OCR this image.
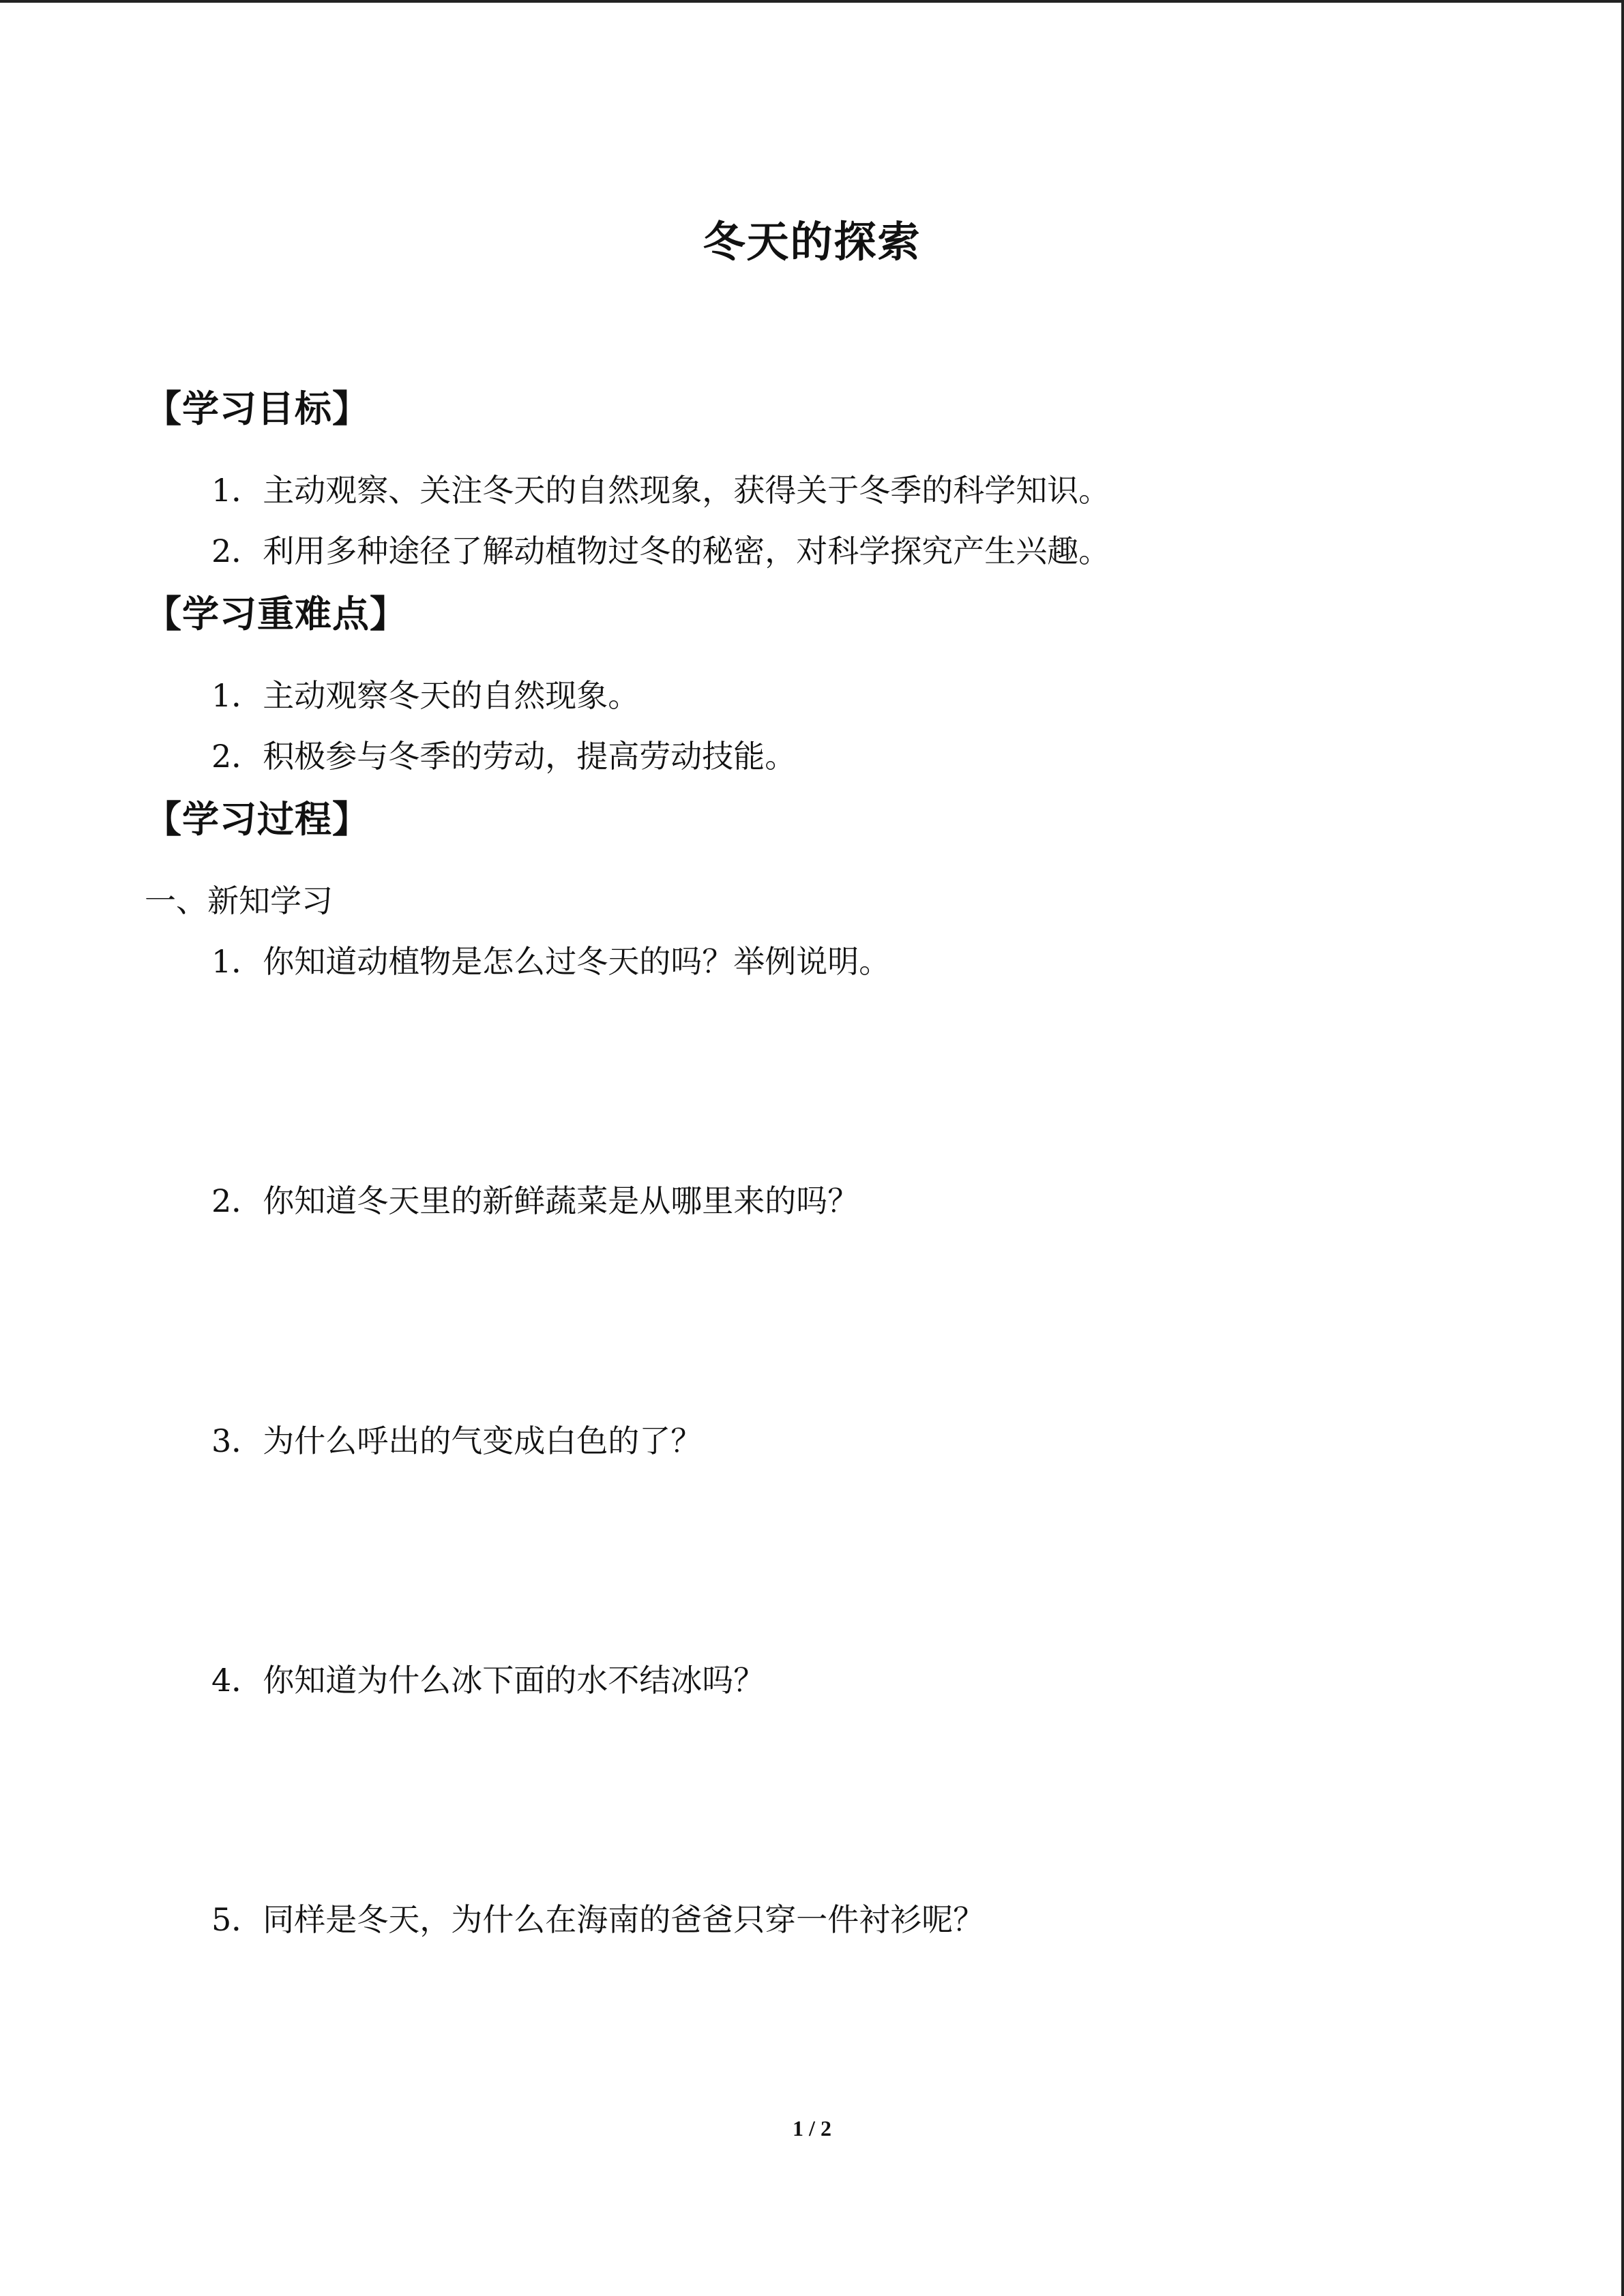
冬天的探索
【学习目标】
1．主动观察、关注冬天的自然现象，获得关于冬季的科学知识。
2．利用多种途径了解动植物过冬的秘密，对科学探究产生兴趣。
【学习重难点】
1．主动观察冬天的自然现象。
2．积极参与冬季的劳动，提高劳动技能。
【学习过程】
一、新知学习
1．你知道动植物是怎么过冬天的吗？举例说明。
2．你知道冬天里的新鲜蔬菜是从哪里来的吗？
3．为什么呼出的气变成白色的了？
4．你知道为什么冰下面的水不结冰吗？
5．同样是冬天，为什么在海南的爸爸只穿一件衬衫呢？
1 / 2
